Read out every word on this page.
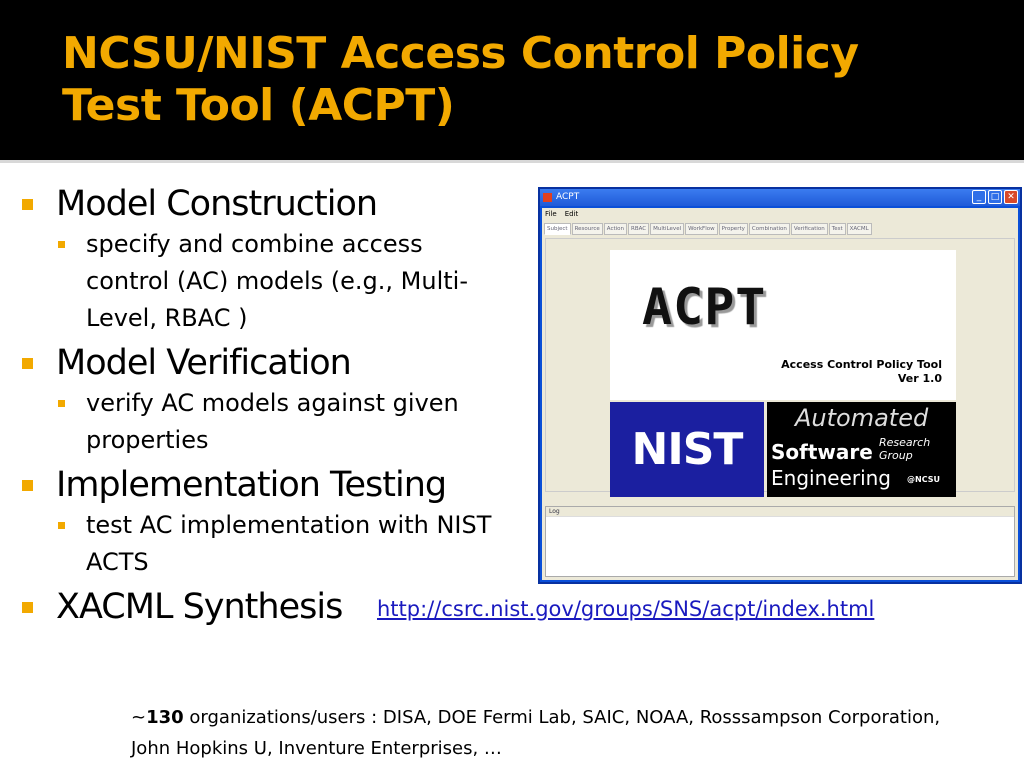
NCSU/NIST Access Control Policy
Test Tool (ACPT)
Model Construction
specify and combine access control (AC) models (e.g., Multi-Level, RBAC )
Model Verification
verify AC models against given properties
Implementation Testing
test AC implementation with NIST ACTS
XACML Synthesis
ACPT	_	□ ✕
File Edit
Subject	Resource	Action	RBAC	MultiLevel	WorkFlow	Property	Combination	Verification	Test	XACML
ACPT
Access Control Policy Tool
Ver 1.0
NIST
Automated
Software Research
Group
Engineering @NCSU
Log
http://csrc.nist.gov/groups/SNS/acpt/index.html
~130 organizations/users : DISA, DOE Fermi Lab, SAIC, NOAA, Rosssampson Corporation, John Hopkins U, Inventure Enterprises, …
